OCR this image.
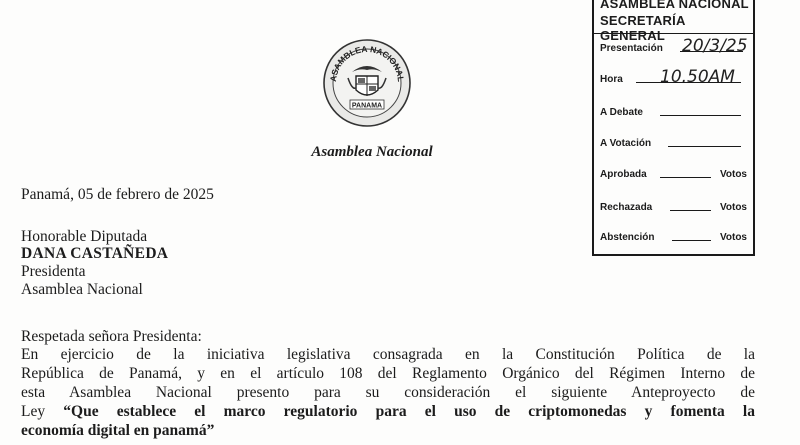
ASAMBLEA NACIONAL
PANAMA
Asamblea Nacional
ASAMBLEA NACIONAL
SECRETARÍA GENERAL
Presentación 20/3/25
Hora 10.50AM
A Debate
A Votación
Aprobada	Votos
Rechazada	Votos
Abstención	Votos
Panamá, 05 de febrero de 2025
Honorable Diputada
DANA CASTAÑEDA
Presidenta
Asamblea Nacional
Respetada señora Presidenta:
En ejercicio de la iniciativa legislativa consagrada en la Constitución Política de la
República de Panamá, y en el artículo 108 del Reglamento Orgánico del Régimen Interno de
esta Asamblea Nacional presento para su consideración el siguiente Anteproyecto de
Ley “Que establece el marco regulatorio para el uso de criptomonedas y fomenta la
economía digital en panamá”
